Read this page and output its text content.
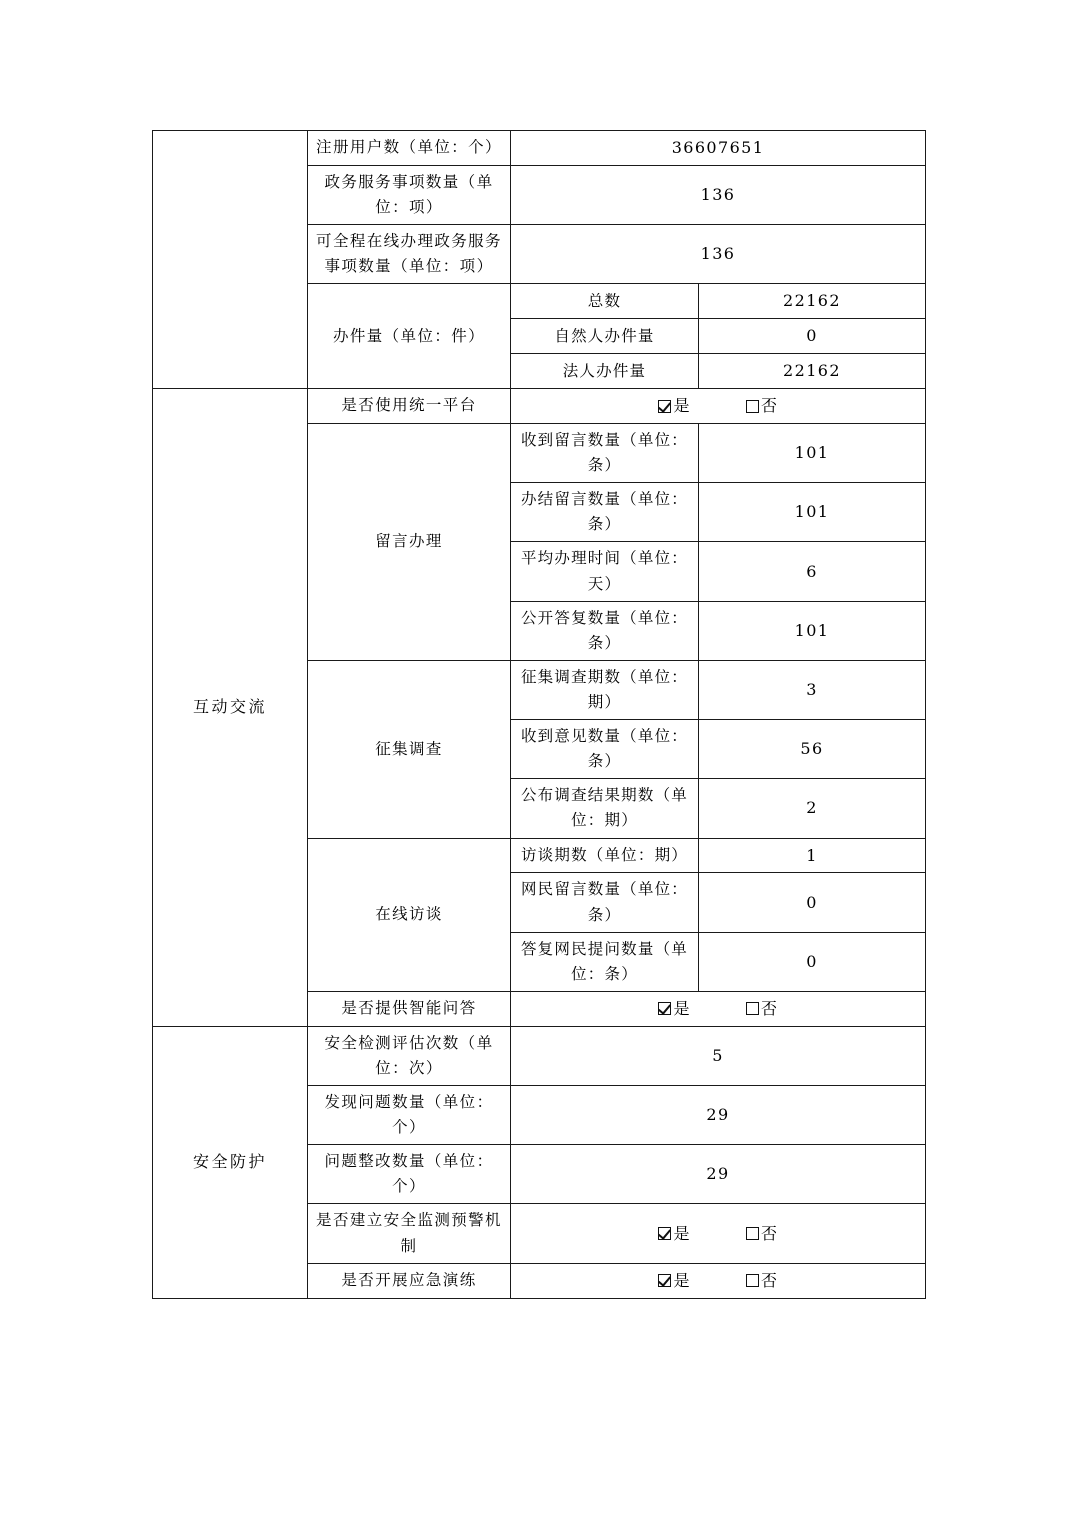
	注册用户数（单位：个）	36607651	
	政务服务事项数量（单位：项）	136	
	可全程在线办理政务服务事项数量（单位：项）	136	
	办件量（单位：件）	总数	22162
		自然人办件量	0
		法人办件量	22162
互动交流	是否使用统一平台	是 否	

	留言办理	收到留言数量（单位：条）	101
		办结留言数量（单位：条）	101
		平均办理时间（单位：天）	6
		公开答复数量（单位：条）	101
	征集调查	征集调查期数（单位：期）	3
		收到意见数量（单位：条）	56
		公布调查结果期数（单位：期）	2
	在线访谈	访谈期数（单位：期）	1
		网民留言数量（单位：条）	0
		答复网民提问数量（单位：条）	0
	是否提供智能问答	是 否	

安全防护	安全检测评估次数（单位：次）	5	
	发现问题数量（单位：个）	29	
	问题整改数量（单位：个）	29	
	是否建立安全监测预警机制	是 否	

	是否开展应急演练	是 否	
